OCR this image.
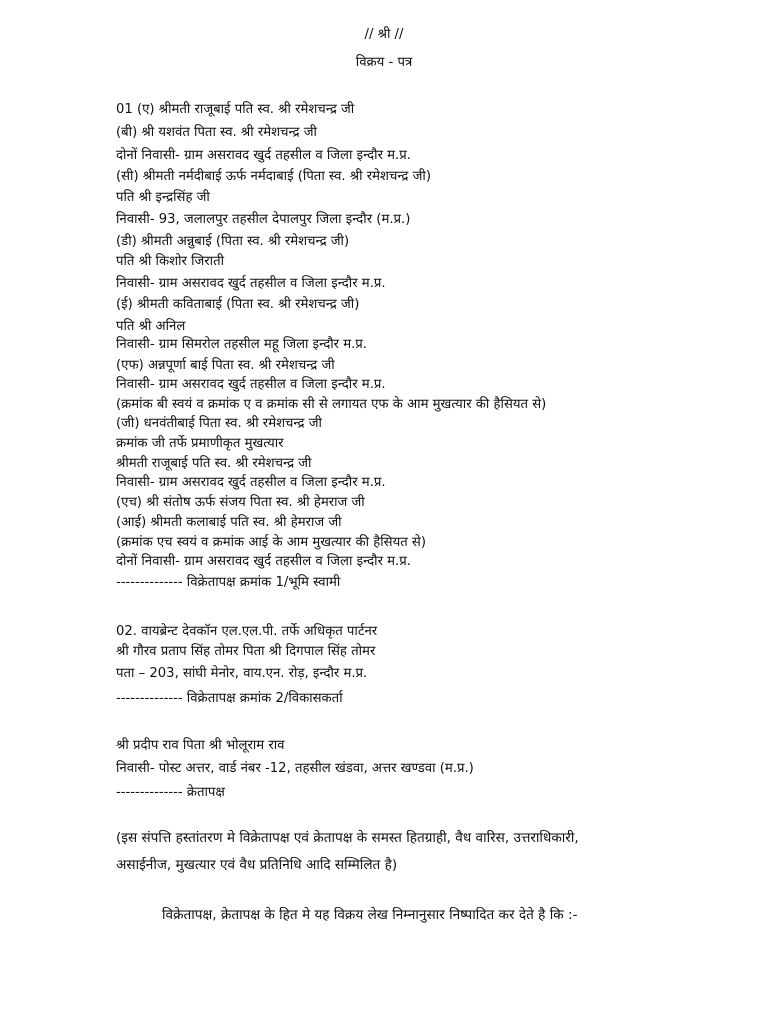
// श्री //
विक्रय - पत्र
01 (ए) श्रीमती राजूबाई पति स्व. श्री रमेशचन्द्र जी
(बी) श्री यशवंत पिता स्व. श्री रमेशचन्द्र जी
दोनों निवासी- ग्राम असरावद खुर्द तहसील व जिला इन्दौर म.प्र.
(सी) श्रीमती नर्मदीबाई ऊर्फ नर्मदाबाई (पिता स्व. श्री रमेशचन्द्र जी)
पति श्री इन्द्रसिंह जी
निवासी- 93, जलालपुर तहसील देपालपुर जिला इन्दौर (म.प्र.)
(डी) श्रीमती अन्नुबाई (पिता स्व. श्री रमेशचन्द्र जी)
पति श्री किशोर जिराती
निवासी- ग्राम असरावद खुर्द तहसील व जिला इन्दौर म.प्र.
(ई) श्रीमती कविताबाई (पिता स्व. श्री रमेशचन्द्र जी)
पति श्री अनिल
निवासी- ग्राम सिमरोल तहसील महू जिला इन्दौर म.प्र.
(एफ) अन्नपूर्णा बाई पिता स्व. श्री रमेशचन्द्र जी
निवासी- ग्राम असरावद खुर्द तहसील व जिला इन्दौर म.प्र.
(क्रमांक बी स्वयं व क्रमांक ए व क्रमांक सी से लगायत एफ के आम मुखत्यार की हैसियत से)
(जी) धनवंतीबाई पिता स्व. श्री रमेशचन्द्र जी
क्रमांक जी तर्फे प्रमाणीकृत मुखत्यार
श्रीमती राजूबाई पति स्व. श्री रमेशचन्द्र जी
निवासी- ग्राम असरावद खुर्द तहसील व जिला इन्दौर म.प्र.
(एच) श्री संतोष ऊर्फ संजय पिता स्व. श्री हेमराज जी
(आई) श्रीमती कलाबाई पति स्व. श्री हेमराज जी
(क्रमांक एच स्वयं व क्रमांक आई के आम मुखत्यार की हैसियत से)
दोनों निवासी- ग्राम असरावद खुर्द तहसील व जिला इन्दौर म.प्र.
-------------- विक्रेतापक्ष क्रमांक 1/भूमि स्वामी
02. वायब्रेन्ट देवकॉन एल.एल.पी. तर्फे अधिकृत पार्टनर
श्री गौरव प्रताप सिंह तोमर पिता श्री दिगपाल सिंह तोमर
पता – 203, सांघी मेनोर, वाय.एन. रोड़, इन्दौर म.प्र.
-------------- विक्रेतापक्ष क्रमांक 2/विकासकर्ता
श्री प्रदीप राव पिता श्री भोलूराम राव
निवासी- पोस्ट अत्तर, वार्ड नंबर -12, तहसील खंडवा, अत्तर खण्डवा (म.प्र.)
-------------- क्रेतापक्ष
(इस संपत्ति हस्तांतरण मे विक्रेतापक्ष एवं क्रेतापक्ष के समस्त हितग्राही, वैध वारिस, उत्तराधिकारी,
असाईनीज, मुखत्यार एवं वैध प्रतिनिधि आदि सम्मिलित है)
विक्रेतापक्ष, क्रेतापक्ष के हित मे यह विक्रय लेख निम्नानुसार निष्पादित कर देते है कि :-
